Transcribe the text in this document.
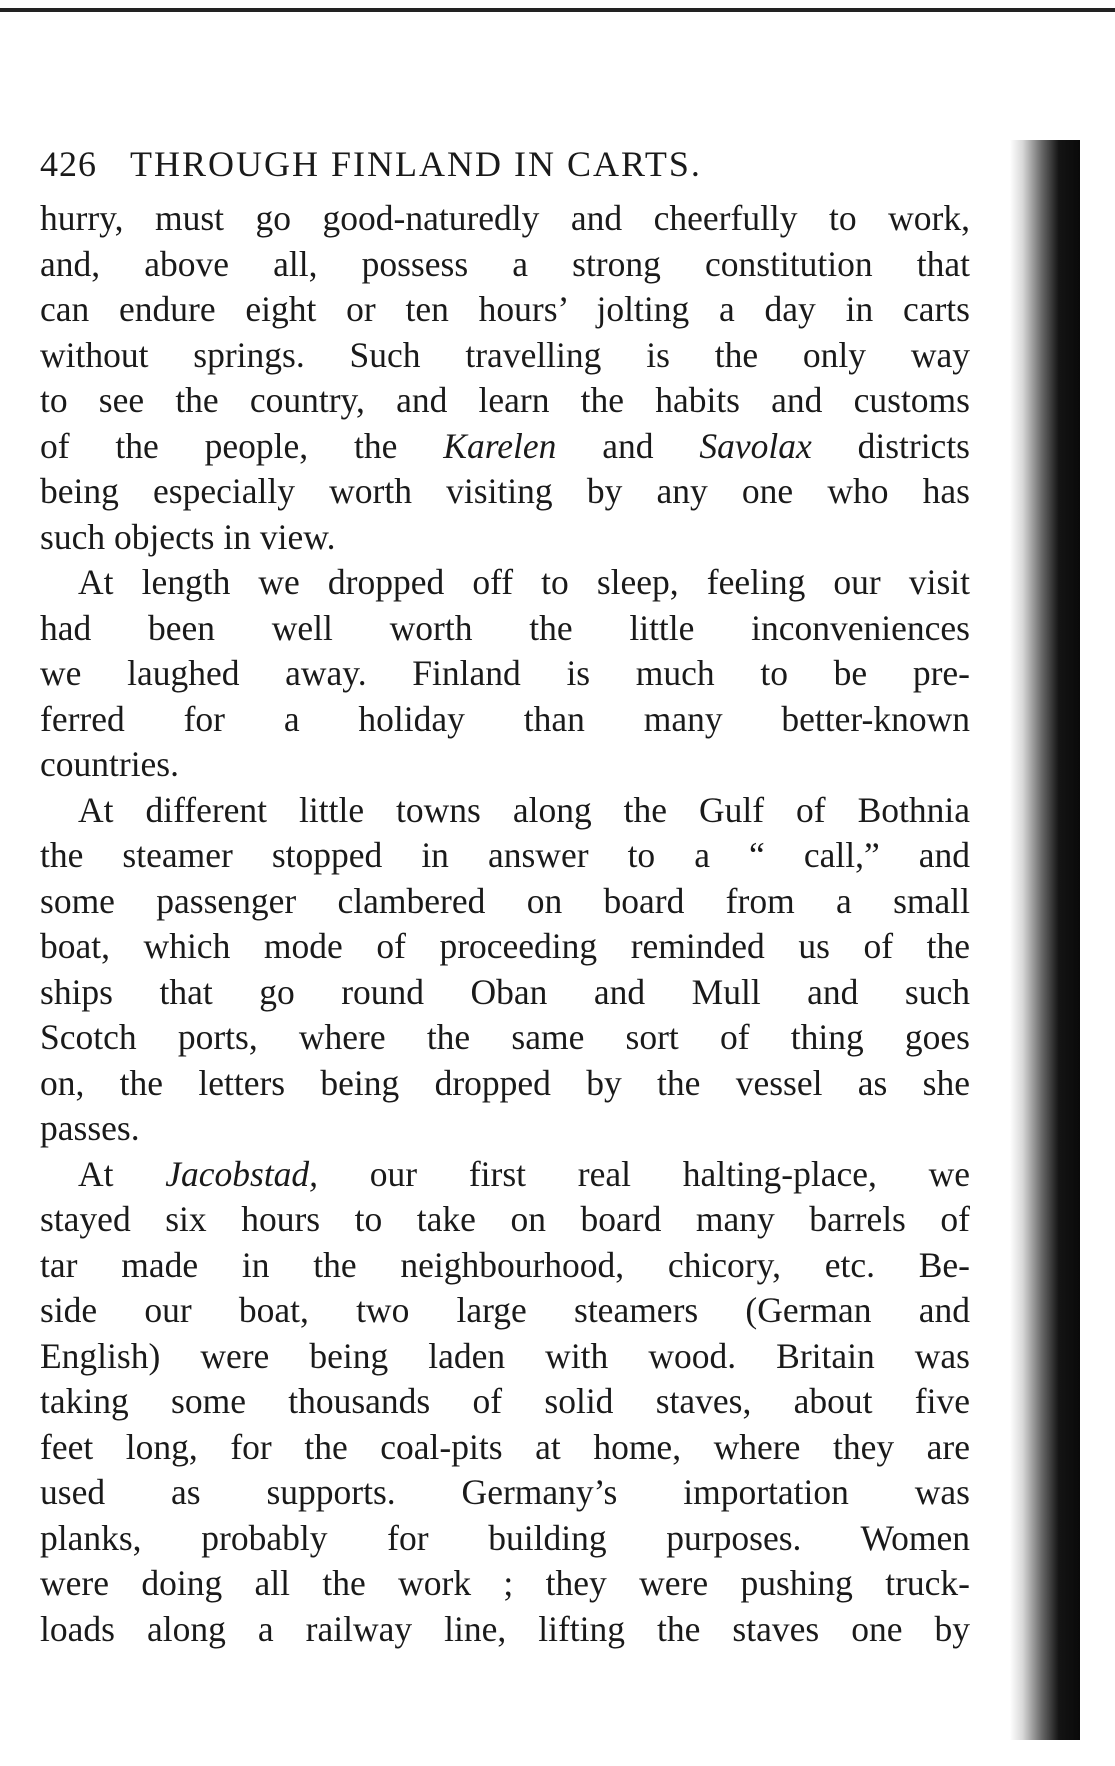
426 THROUGH FINLAND IN CARTS.

hurry, must go good-naturedly and cheerfully to work,
and, above all, possess a strong constitution that
can endure eight or ten hours’ jolting a day in carts
without springs. Such travelling is the only way
to see the country, and learn the habits and customs
of the people, the Karelen and Savolax districts
being especially worth visiting by any one who has
such objects in view.

At length we dropped off to sleep, feeling our visit
had been well worth the little inconveniences
we laughed away. Finland is much to be pre-
ferred for a holiday than many better-known
countries.

At different little towns along the Gulf of Bothnia
the steamer stopped in answer to a “ call,” and
some passenger clambered on board from a small
boat, which mode of proceeding reminded us of the
ships that go round Oban and Mull and such
Scotch ports, where the same sort of thing goes
on, the letters being dropped by the vessel as she
passes.

At Jacobstad, our first real halting-place, we
stayed six hours to take on board many barrels of
tar made in the neighbourhood, chicory, etc. Be-
side our boat, two large steamers (German and
English) were being laden with wood. Britain was
taking some thousands of solid staves, about five
feet long, for the coal-pits at home, where they are
used as supports. Germany’s importation was
planks, probably for building purposes. Women
were doing all the work ; they were pushing truck-
loads along a railway line, lifting the staves one by
